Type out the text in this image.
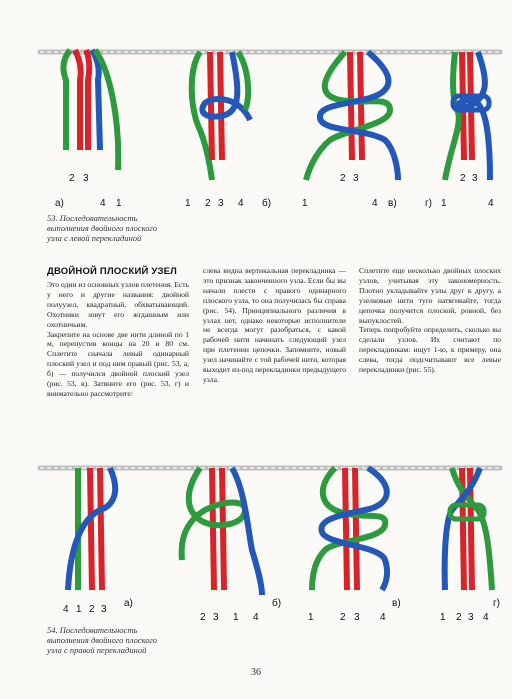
2 3
4 1
а)	1 2 3 4 б)
2 3
1	4 в)
2 3
1	4
г)
53. Последовательность
выполнения двойного плоского
узла с левой перекладиной
ДВОЙНОЙ ПЛОСКИЙ УЗЕЛ
Это один из основных узлов плетения. Есть у него и другие названия: двойной полуузел, квадратный, обхватывающий. Охотники зовут его жгдашным или охотничьим.
Закрепите на основе две нити длиной по 1 м, перепустив концы на 20 и 80 см. Сплетите сначала левый одинарный плоский узел и под ним правый (рис. 53, а, б) — получился двойной плоский узел (рис. 53, в). Затяните его (рис. 53, г) и внимательно рассмотрите:
слева видна вертикальная перекладинка — это признак законченного узла. Если бы вы начали плести с правого одинарного плоского узла, то она получилась бы справа (рис. 54). Принципиального различия в узлах нет, однако некоторые исполнители не всегда могут разобраться, с какой рабочей нити начинать следующий узел при плетении цепочки. Запомните, новый узел начинайте с той рабочей нити, которая выходит из-под перекладинки предыдущего узла.
Сплетите еще несколько двойных плоских узлов, учитывая эту закономерность. Плотно укладывайте узлы друг к другу, а узелковые нити туго натягивайте, тогда цепочка получится плоской, ровной, без выпуклостей.
Теперь попробуйте определить, сколько вы сделали узлов. Их считают по перекладинкам: ищут 1-ю, к примеру, она слева, тогда подсчитывают все левые перекладинки (рис. 55).
4 1 2 3
а)
2 3 1 4
б)
1	2 3 4
в)
1 2 3 4
г)
54. Последовательность
выполнения двойного плоского
узла с правой перекладиной
36
